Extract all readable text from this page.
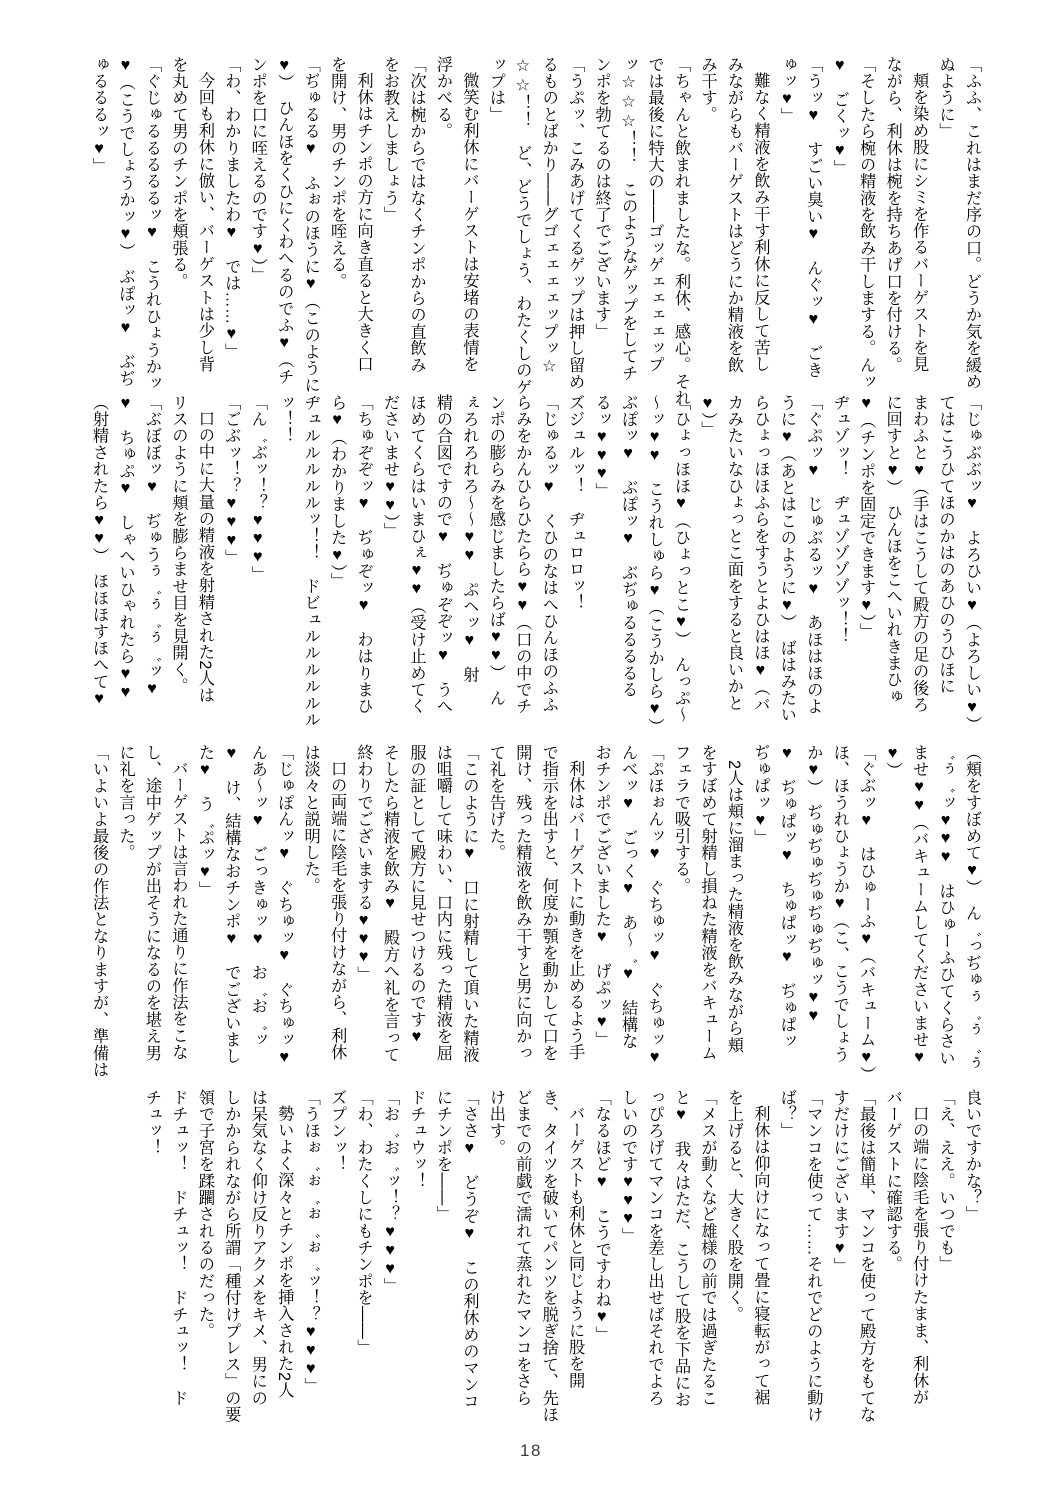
「ふふ、これはまだ序の口。どうか気を緩め
ぬように」
頬を染め股にシミを作るバーゲストを見
ながら、利休は椀を持ちあげ口を付ける。
「そしたら椀の精液を飲み干しまする。んッ
♥　ごくッ♥」
「うッ♥　すごい臭い♥　んぐッ♥　ごき
ゅッ♥」
難なく精液を飲み干す利休に反して苦し
みながらもバーゲストはどうにか精液を飲
み干す。
「ちゃんと飲まれましたな。利休、感心。それ
では最後に特大の――ゴッゲェェェェップ
ッ☆☆☆！！　このようなゲップをしてチ
ンポを勃てるのは終了でございます」
「うぷッ、こみあげてくるゲップは押し留め
るものとばかり――グゴェェェェップッ☆
☆☆！！　ど、どうでしょう、わたくしのゲ
ップは」
微笑む利休にバーゲストは安堵の表情を
浮かべる。
「次は椀からではなくチンポからの直飲み
をお教えしましょう」
利休はチンポの方に向き直ると大きく口
を開け、男のチンポを咥える。
「ぢゅるる♥　ふぉのほうに♥（このように
♥）　ひんほをくひにくわへるのでふ♥（チ
ンポを口に咥えるのです♥）」
「わ、わかりましたわ♥　では……♥」
今回も利休に倣い、バーゲストは少し背
を丸めて男のチンポを頬張る。
「ぐじゅるるるるるッ♥　こうれひょうかッ
♥（こうでしょうかッ♥）　ぶぽッ♥　ぶぢ
ゅるるるッ♥」
「じゅぶぶッ♥　よろひい♥（よろしい♥）
てはこうひてほのかはのあひのうひほに
まわふと♥（手はこうして殿方の足の後ろ
に回すと♥）　ひんほをこへいれきまひゅ
♥（チンポを固定できます♥）」
ヂュゾッ！　ヂュゾゾゾゾッ！！
「ぐぷッ♥　じゅぶるッ♥　あほはほのよ
うに♥（あとはこのように♥）　ばはみたい
らひょっほほふらをすうとよひはほ♥（バ
カみたいなひょっとこ面をすると良いかと
♥）」
「ひょっほほ♥（ひょっとこ♥）　んっぷ〜
〜ッ♥♥　こうれしゅら♥（こうかしら♥）
ぶぽッ♥　ぶぽッ♥　ぶぢゅるるるるる
るッ♥♥♥」
ズジュルッ！　ヂュロロッ！
「じゅるッ♥　くひのなはへひんほのふふ
らみをかんひらひたらら♥♥（口の中でチ
ンポの膨らみを感じましたらば♥♥）　ん
ぇろれろれろ〜〜♥♥　ぷヘッ♥　射
精の合図ですので♥　ぢゅぞぞッ♥　うへ
ほめてくらはいまひぇ♥♥（受け止めてく
ださいませ♥♥）」
「ちゅぞぞッ♥　ぢゅぞッ♥　わはりまひ
ら♥（わかりました♥）」
ヂュルルルルルッ！！　ドビュルルルルルル
ッ！！
「ん゛ぶッ！？♥♥♥」
「ごぶッ！？♥♥♥」
口の中に大量の精液を射精された2人は
リスのように頬を膨らませ目を見開く。
「ぶぼぼッ♥　ぢゅうぅ゛ぅ゛ぅ゛ッ♥
♥　ちゅぷ♥　しゃへいひゃれたら♥♥
（射精されたら♥♥）　ほほほすほへて♥
（頬をすぼめて♥）　ん゛っぢゅぅ゛ぅ゛ぅ
゛ぅ゛ッ♥♥♥　はひゅーふひてくらさい
ませ♥♥（バキュームしてくださいませ♥
♥）
「ぐぶッ♥　はひゅーふ♥（バキューム♥）
ほ、ほうれひょうか♥（こ、こうでしょう
か♥）　ぢゅぢゅぢゅぢゅぢゅッ♥♥
♥　ぢゅぱッ♥　ちゅぱッ♥　ぢゅぱッ
ぢゅぱッ♥」
2人は頬に溜まった精液を飲みながら頬
をすぼめて射精し損ねた精液をバキューム
フェラで吸引する。
「ぷほぉんッ♥　ぐちゅッ♥　ぐちゅッ♥
んべッ♥　ごっく♥　あ〜゛♥　結構な
おチンポでございました♥　げぷッ♥」
利休はバーゲストに動きを止めるよう手
で指示を出すと、何度か顎を動かして口を
開け、残った精液を飲み干すと男に向かっ
て礼を告げた。
「このように♥　口に射精して頂いた精液
は咀嚼して味わい、口内に残った精液を屈
服の証として殿方に見せつけるのです♥
そしたら精液を飲み♥　殿方へ礼を言って
終わりでございまする♥♥♥」
口の両端に陰毛を張り付けながら、利休
は淡々と説明した。
「じゅぽんッ♥　ぐちゅッ♥　ぐちゅッ♥
んあ〜ッ♥　ごっきゅッ♥　お゛お゛ッ
♥　け、結構なおチンポ♥　でございまし
た♥　う゛ぷッ♥」
バーゲストは言われた通りに作法をこな
し、途中ゲップが出そうになるのを堪え男
に礼を言った。
「いよいよ最後の作法となりますが、準備は
良いですかな？」
「え、ええ。いつでも」
口の端に陰毛を張り付けたまま、利休が
バーゲストに確認する。
「最後は簡単、マンコを使って殿方をもてな
すだけにございます♥」
「マンコを使って……それでどのように動け
ば？」
利休は仰向けになって畳に寝転がって裾
を上げると、大きく股を開く。
「メスが動くなど雄様の前では過ぎたるこ
と♥　我々はただ、こうして股を下品にお
っぴろげてマンコを差し出せばそれでよろ
しいのです♥♥♥」
「なるほど♥　こうですわね♥」
バーゲストも利休と同じように股を開
き、タイツを破いてパンツを脱ぎ捨て、先ほ
どまでの前戯で濡れて蒸れたマンコをさら
け出す。
「ささ♥　どうぞ♥　この利休めのマンコ
にチンポを――」
ドチュウッ！
「お゛お゛ッ！？♥♥♥」
「わ、わたくしにもチンポを――」
ズプンッ！
「うほぉ゛ぉ゛ぉ゛ぉ゛ッ！？♥♥♥」
勢いよく深々とチンポを挿入された2人
は呆気なく仰け反りアクメをキメ、男にの
しかかられながら所謂「種付けプレス」の要
領で子宮を蹂躙されるのだった。
ドチュッ！　ドチュッ！　ドチュッ！　ド
チュッ！
18
